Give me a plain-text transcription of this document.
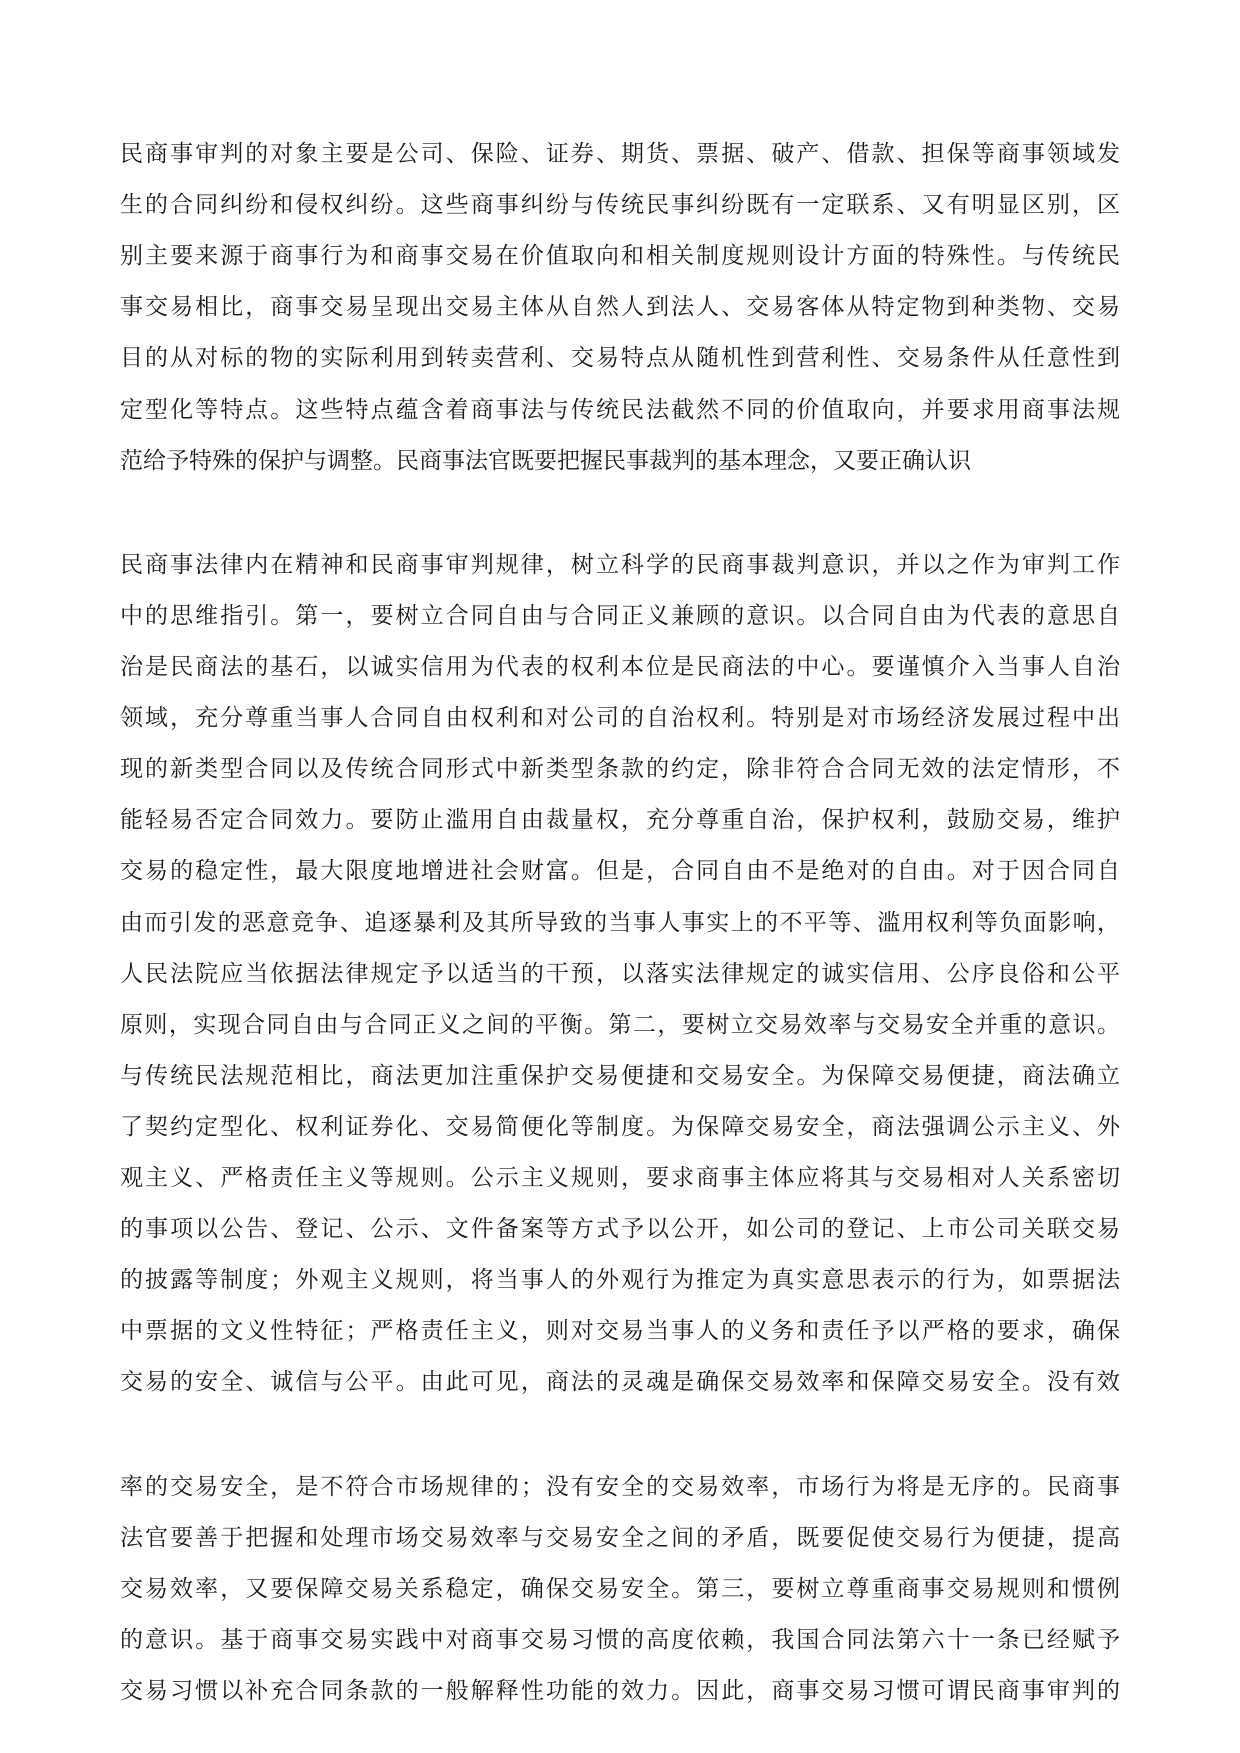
民商事审判的对象主要是公司、保险、证券、期货、票据、破产、借款、担保等商事领域发
生的合同纠纷和侵权纠纷。这些商事纠纷与传统民事纠纷既有一定联系、又有明显区别，区
别主要来源于商事行为和商事交易在价值取向和相关制度规则设计方面的特殊性。与传统民
事交易相比，商事交易呈现出交易主体从自然人到法人、交易客体从特定物到种类物、交易
目的从对标的物的实际利用到转卖营利、交易特点从随机性到营利性、交易条件从任意性到
定型化等特点。这些特点蕴含着商事法与传统民法截然不同的价值取向，并要求用商事法规
范给予特殊的保护与调整。民商事法官既要把握民事裁判的基本理念，又要正确认识
民商事法律内在精神和民商事审判规律，树立科学的民商事裁判意识，并以之作为审判工作
中的思维指引。第一，要树立合同自由与合同正义兼顾的意识。以合同自由为代表的意思自
治是民商法的基石，以诚实信用为代表的权利本位是民商法的中心。要谨慎介入当事人自治
领域，充分尊重当事人合同自由权利和对公司的自治权利。特别是对市场经济发展过程中出
现的新类型合同以及传统合同形式中新类型条款的约定，除非符合合同无效的法定情形，不
能轻易否定合同效力。要防止滥用自由裁量权，充分尊重自治，保护权利，鼓励交易，维护
交易的稳定性，最大限度地增进社会财富。但是，合同自由不是绝对的自由。对于因合同自
由而引发的恶意竞争、追逐暴利及其所导致的当事人事实上的不平等、滥用权利等负面影响，
人民法院应当依据法律规定予以适当的干预，以落实法律规定的诚实信用、公序良俗和公平
原则，实现合同自由与合同正义之间的平衡。第二，要树立交易效率与交易安全并重的意识。
与传统民法规范相比，商法更加注重保护交易便捷和交易安全。为保障交易便捷，商法确立
了契约定型化、权利证券化、交易简便化等制度。为保障交易安全，商法强调公示主义、外
观主义、严格责任主义等规则。公示主义规则，要求商事主体应将其与交易相对人关系密切
的事项以公告、登记、公示、文件备案等方式予以公开，如公司的登记、上市公司关联交易
的披露等制度；外观主义规则，将当事人的外观行为推定为真实意思表示的行为，如票据法
中票据的文义性特征；严格责任主义，则对交易当事人的义务和责任予以严格的要求，确保
交易的安全、诚信与公平。由此可见，商法的灵魂是确保交易效率和保障交易安全。没有效
率的交易安全，是不符合市场规律的；没有安全的交易效率，市场行为将是无序的。民商事
法官要善于把握和处理市场交易效率与交易安全之间的矛盾，既要促使交易行为便捷，提高
交易效率，又要保障交易关系稳定，确保交易安全。第三，要树立尊重商事交易规则和惯例
的意识。基于商事交易实践中对商事交易习惯的高度依赖，我国合同法第六十一条已经赋予
交易习惯以补充合同条款的一般解释性功能的效力。因此，商事交易习惯可谓民商事审判的
